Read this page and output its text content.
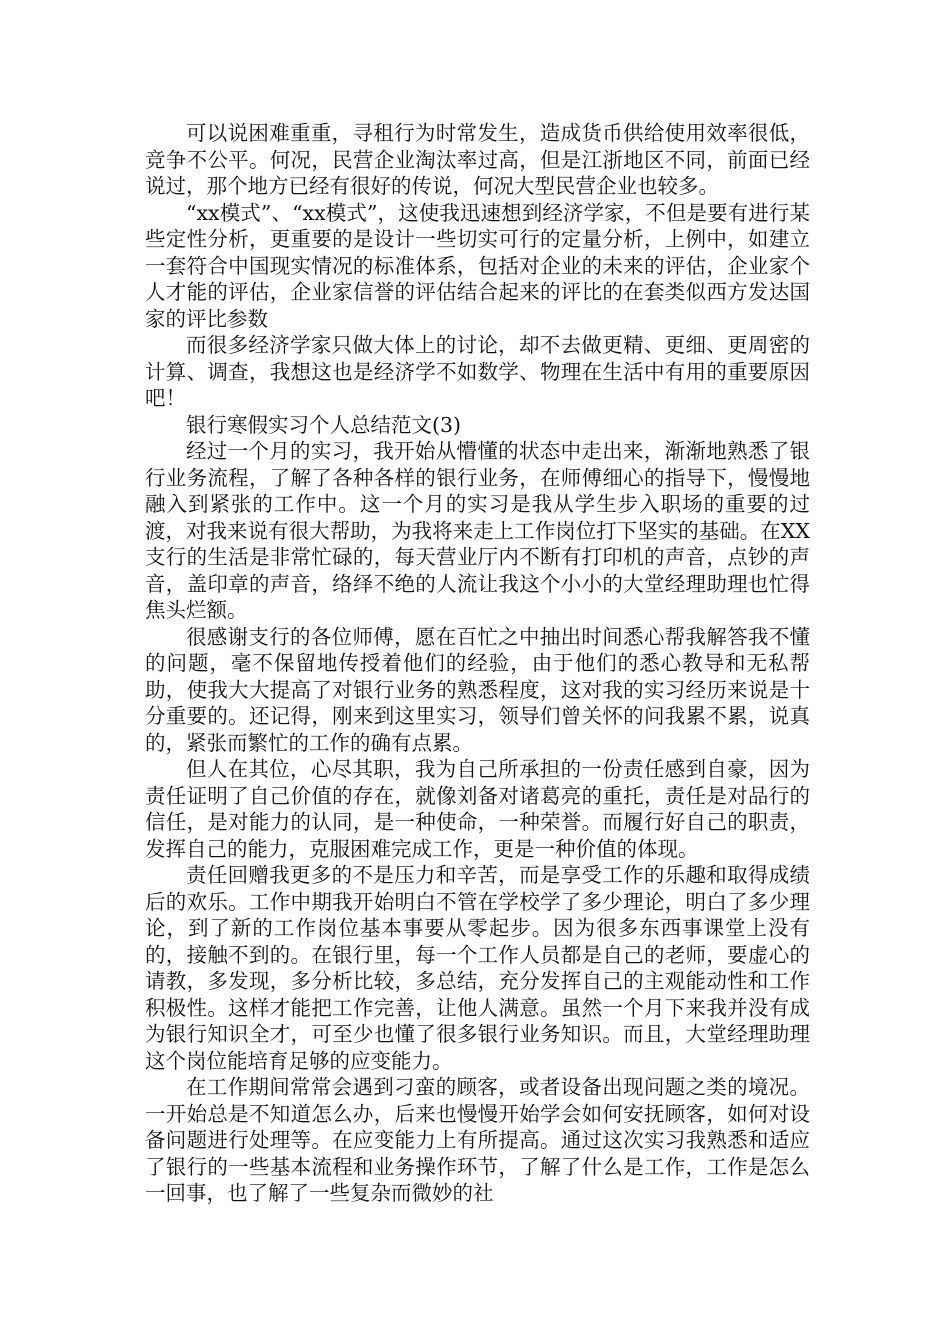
可以说困难重重，寻租行为时常发生，造成货币供给使用效率很低，竞争不公平。何况，民营企业淘汰率过高，但是江浙地区不同，前面已经说过，那个地方已经有很好的传说，何况大型民营企业也较多。

“xx模式”、“xx模式”，这使我迅速想到经济学家，不但是要有进行某些定性分析，更重要的是设计一些切实可行的定量分析，上例中，如建立一套符合中国现实情况的标准体系，包括对企业的未来的评估，企业家个人才能的评估，企业家信誉的评估结合起来的评比的在套类似西方发达国家的评比参数

而很多经济学家只做大体上的讨论，却不去做更精、更细、更周密的计算、调查，我想这也是经济学不如数学、物理在生活中有用的重要原因吧！

银行寒假实习个人总结范文(3)

经过一个月的实习，我开始从懵懂的状态中走出来，渐渐地熟悉了银行业务流程，了解了各种各样的银行业务，在师傅细心的指导下，慢慢地融入到紧张的工作中。这一个月的实习是我从学生步入职场的重要的过渡，对我来说有很大帮助，为我将来走上工作岗位打下坚实的基础。在XX支行的生活是非常忙碌的，每天营业厅内不断有打印机的声音，点钞的声音，盖印章的声音，络绎不绝的人流让我这个小小的大堂经理助理也忙得焦头烂额。

很感谢支行的各位师傅，愿在百忙之中抽出时间悉心帮我解答我不懂的问题，毫不保留地传授着他们的经验，由于他们的悉心教导和无私帮助，使我大大提高了对银行业务的熟悉程度，这对我的实习经历来说是十分重要的。还记得，刚来到这里实习，领导们曾关怀的问我累不累，说真的，紧张而繁忙的工作的确有点累。

但人在其位，心尽其职，我为自己所承担的一份责任感到自豪，因为责任证明了自己价值的存在，就像刘备对诸葛亮的重托，责任是对品行的信任，是对能力的认同，是一种使命，一种荣誉。而履行好自己的职责，发挥自己的能力，克服困难完成工作，更是一种价值的体现。

责任回赠我更多的不是压力和辛苦，而是享受工作的乐趣和取得成绩后的欢乐。工作中期我开始明白不管在学校学了多少理论，明白了多少理论，到了新的工作岗位基本事要从零起步。因为很多东西事课堂上没有的，接触不到的。在银行里，每一个工作人员都是自己的老师，要虚心的请教，多发现，多分析比较，多总结，充分发挥自己的主观能动性和工作积极性。这样才能把工作完善，让他人满意。虽然一个月下来我并没有成为银行知识全才，可至少也懂了很多银行业务知识。而且，大堂经理助理这个岗位能培育足够的应变能力。

在工作期间常常会遇到刁蛮的顾客，或者设备出现问题之类的境况。一开始总是不知道怎么办，后来也慢慢开始学会如何安抚顾客，如何对设备问题进行处理等。在应变能力上有所提高。通过这次实习我熟悉和适应了银行的一些基本流程和业务操作环节，了解了什么是工作，工作是怎么一回事，也了解了一些复杂而微妙的社
